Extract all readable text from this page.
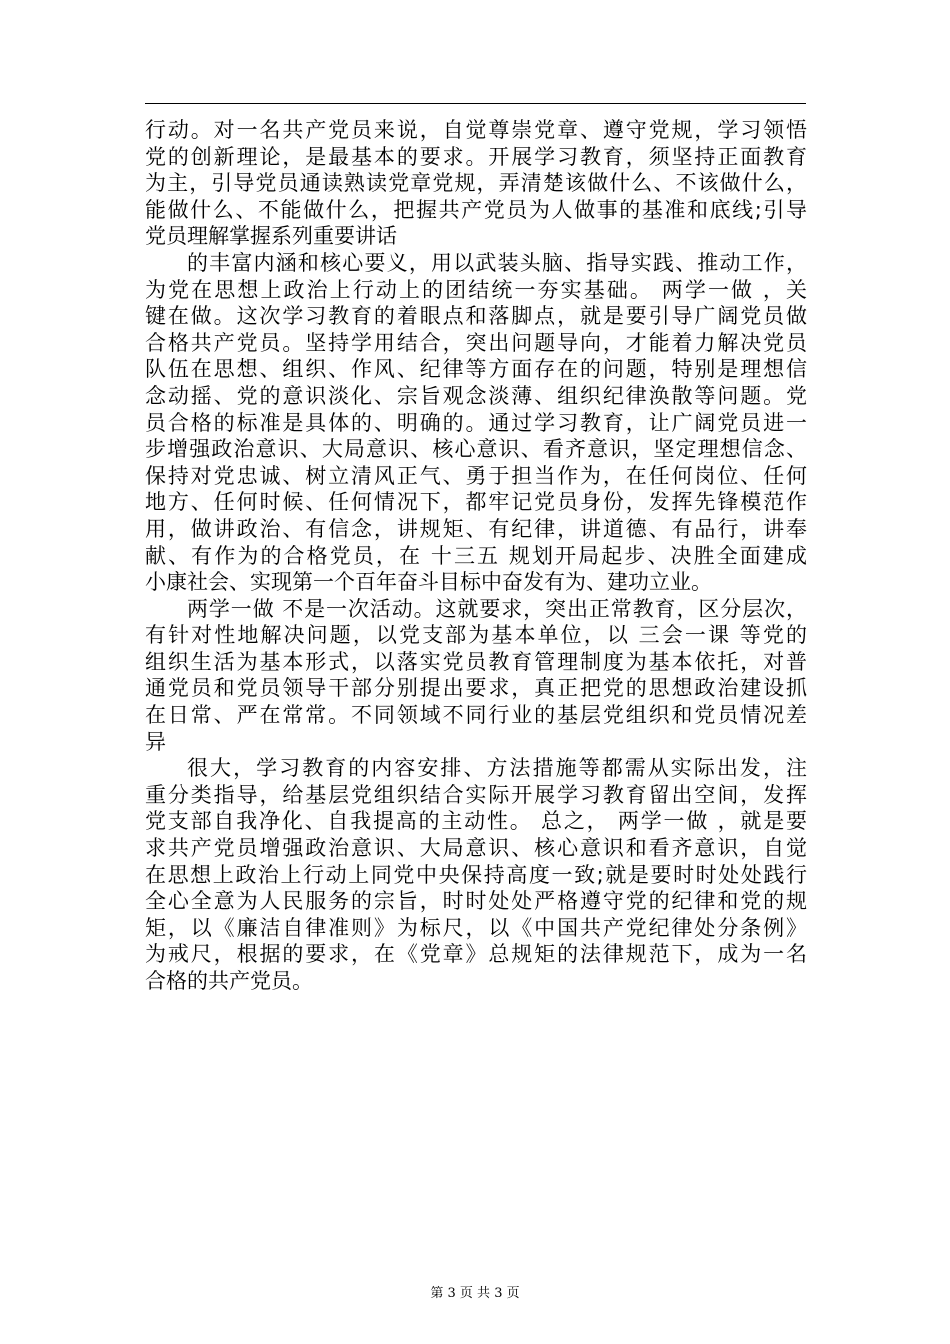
行动。对一名共产党员来说，自觉尊崇党章、遵守党规，学习领悟
党的创新理论，是最基本的要求。开展学习教育，须坚持正面教育
为主，引导党员通读熟读党章党规，弄清楚该做什么、不该做什么，
能做什么、不能做什么，把握共产党员为人做事的基准和底线;引导
党员理解掌握系列重要讲话
的丰富内涵和核心要义，用以武装头脑、指导实践、推动工作，
为党在思想上政治上行动上的团结统一夯实基础。 两学一做 ，关
键在做。这次学习教育的着眼点和落脚点，就是要引导广阔党员做
合格共产党员。坚持学用结合，突出问题导向，才能着力解决党员
队伍在思想、组织、作风、纪律等方面存在的问题，特别是理想信
念动摇、党的意识淡化、宗旨观念淡薄、组织纪律涣散等问题。党
员合格的标准是具体的、明确的。通过学习教育，让广阔党员进一
步增强政治意识、大局意识、核心意识、看齐意识，坚定理想信念、
保持对党忠诚、树立清风正气、勇于担当作为，在任何岗位、任何
地方、任何时候、任何情况下，都牢记党员身份，发挥先锋模范作
用，做讲政治、有信念，讲规矩、有纪律，讲道德、有品行，讲奉
献、有作为的合格党员，在 十三五 规划开局起步、决胜全面建成
小康社会、实现第一个百年奋斗目标中奋发有为、建功立业。
两学一做 不是一次活动。这就要求，突出正常教育，区分层次，
有针对性地解决问题，以党支部为基本单位，以 三会一课 等党的
组织生活为基本形式，以落实党员教育管理制度为基本依托，对普
通党员和党员领导干部分别提出要求，真正把党的思想政治建设抓
在日常、严在常常。不同领域不同行业的基层党组织和党员情况差
异
很大，学习教育的内容安排、方法措施等都需从实际出发，注
重分类指导，给基层党组织结合实际开展学习教育留出空间，发挥
党支部自我净化、自我提高的主动性。 总之， 两学一做 ，就是要
求共产党员增强政治意识、大局意识、核心意识和看齐意识，自觉
在思想上政治上行动上同党中央保持高度一致;就是要时时处处践行
全心全意为人民服务的宗旨，时时处处严格遵守党的纪律和党的规
矩，以《廉洁自律准则》为标尺，以《中国共产党纪律处分条例》
为戒尺，根据的要求，在《党章》总规矩的法律规范下，成为一名
合格的共产党员。
第 3 页 共 3 页
